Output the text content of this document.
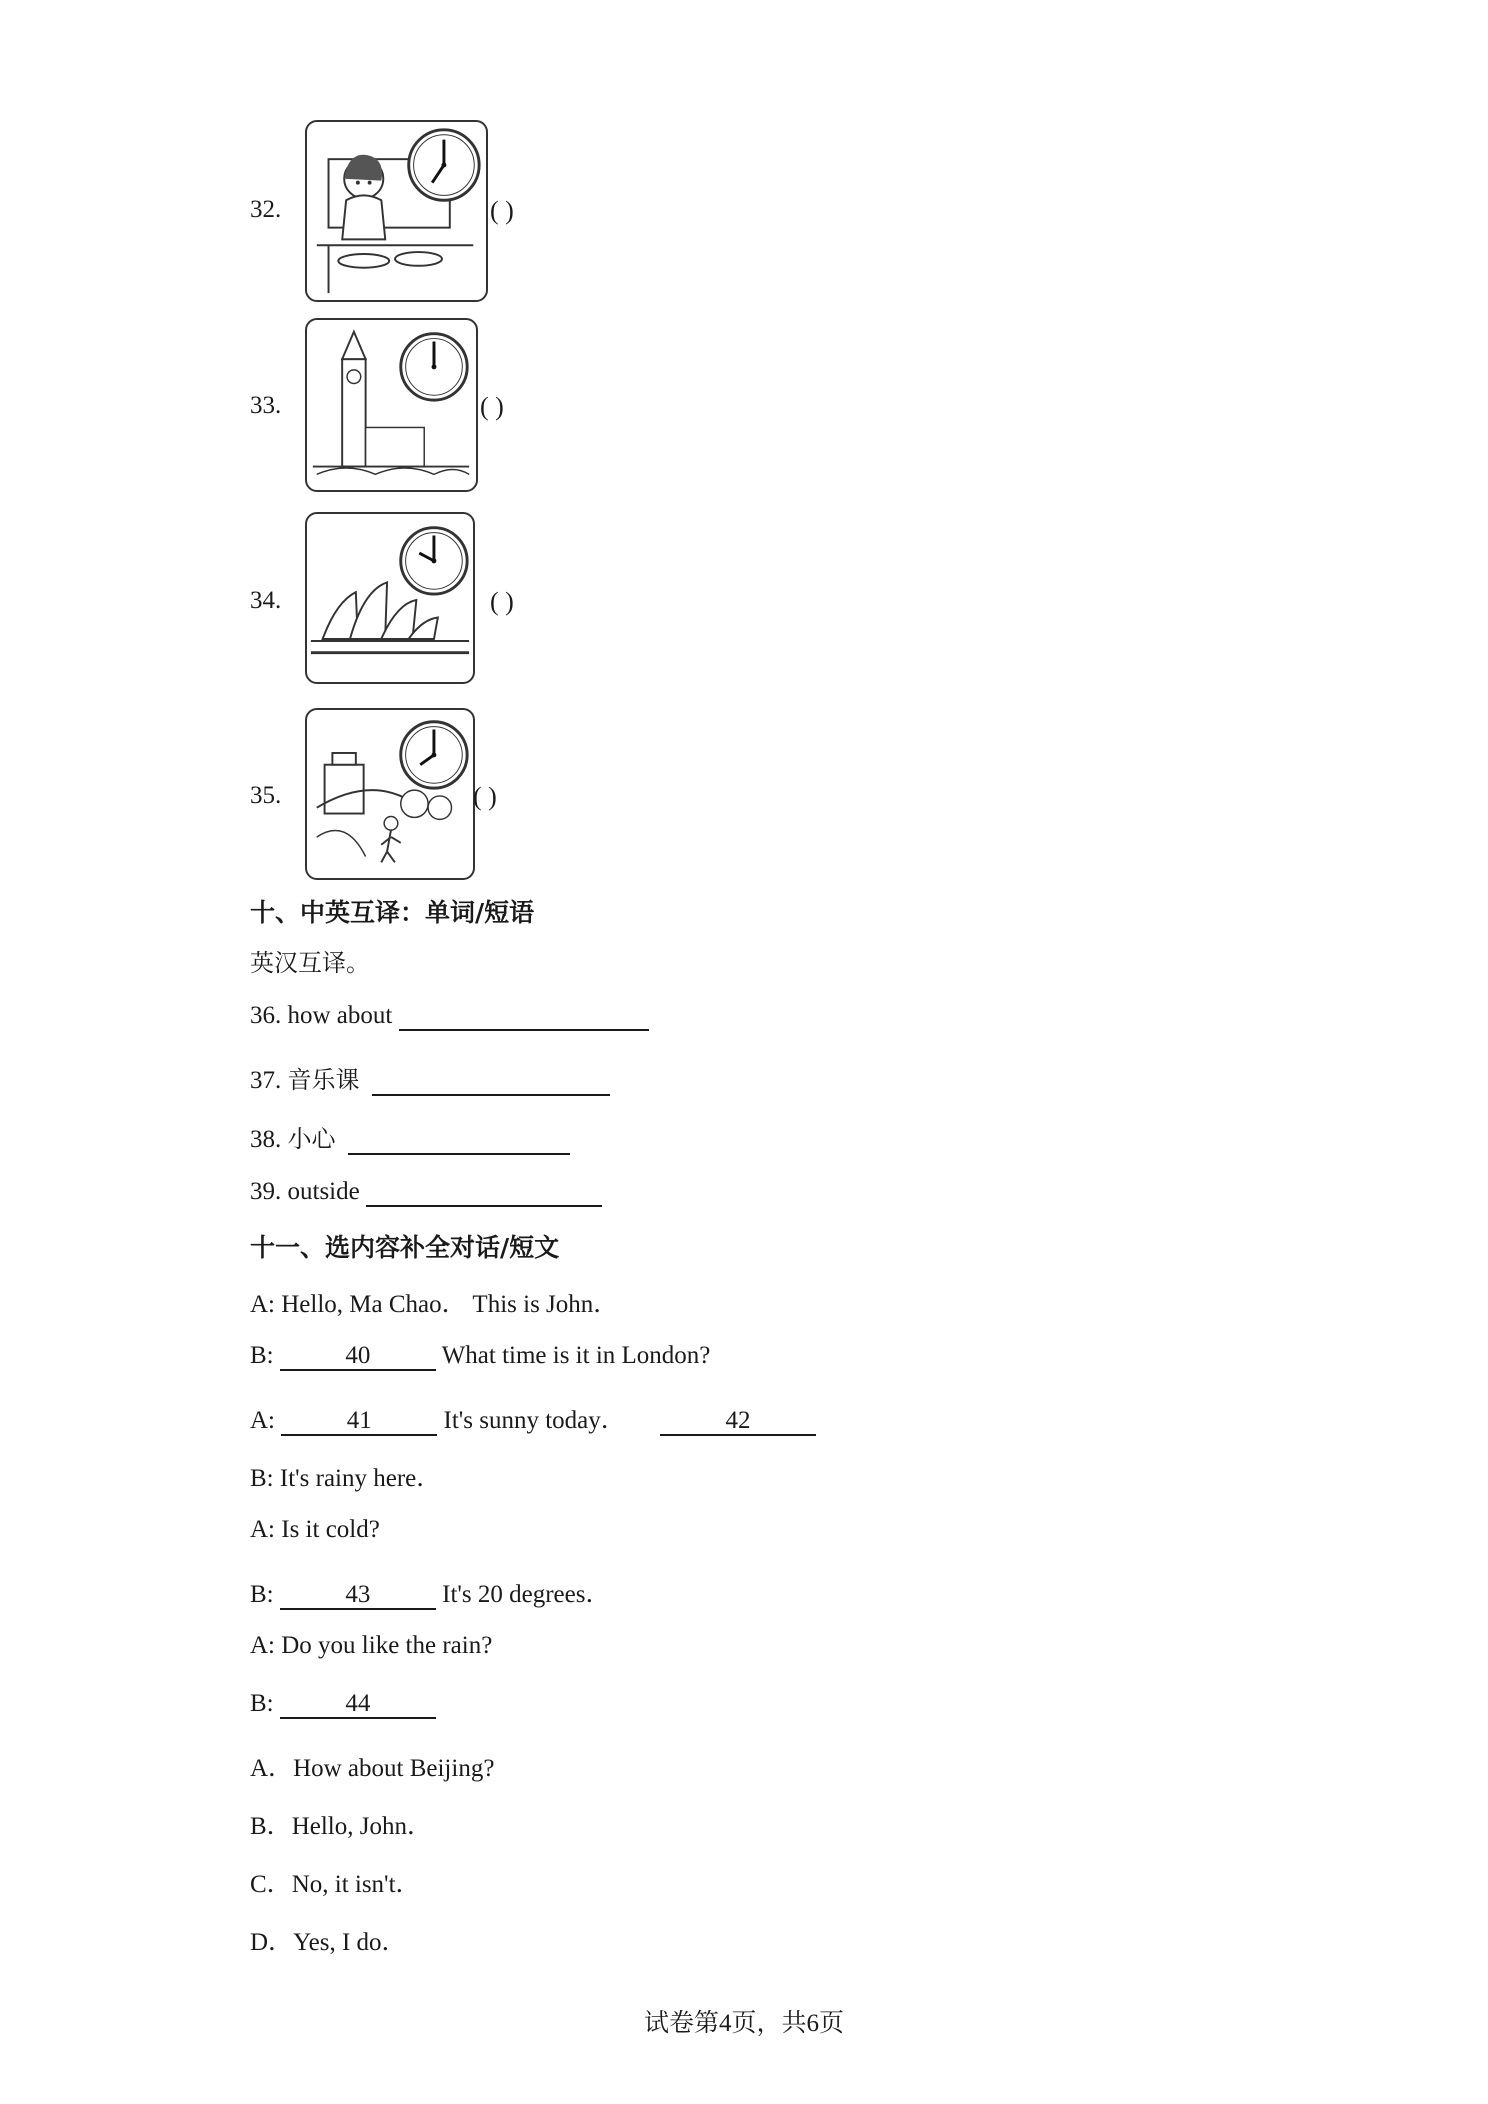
32.	( )
33.	( )
34.	( )
35.	( )
十、中英互译：单词/短语
英汉互译。
36. how about
37. 音乐课
38. 小心
39. outside
十一、选内容补全对话/短文
A: Hello, Ma Chao． This is John．
B:	40	What time is it in London?
A:	41	It's sunny today．	42
B: It's rainy here．
A: Is it cold?
B:	43	It's 20 degrees．
A: Do you like the rain?
B:	44
A．How about Beijing?
B．Hello, John．
C．No, it isn't．
D．Yes, I do．
试卷第4页，共6页
